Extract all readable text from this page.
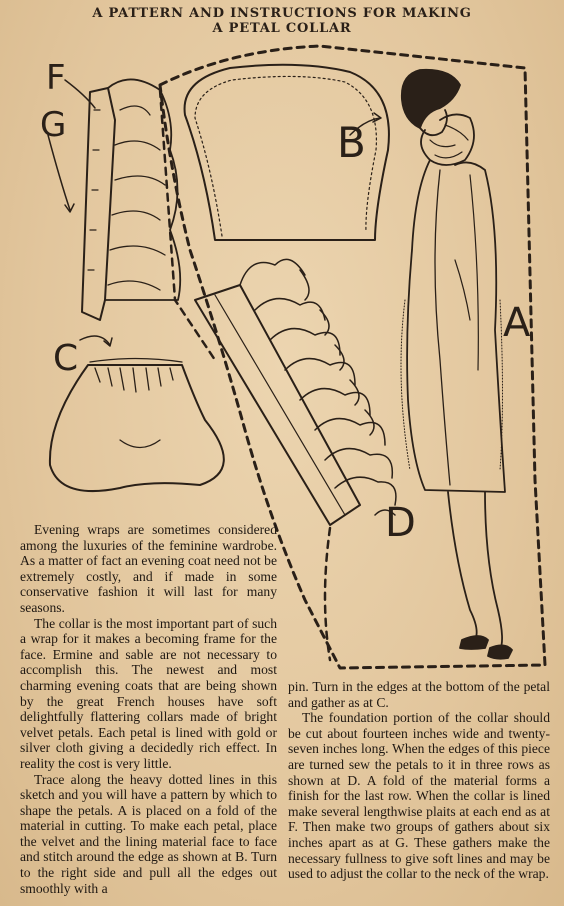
A PATTERN AND INSTRUCTIONS FOR MAKING
A PETAL COLLAR
F
G	B
C
A
D

Evening wraps are sometimes considered among the luxuries of the feminine wardrobe. As a matter of fact an evening coat need not be extremely costly, and if made in some conservative fashion it will last for many seasons.

The collar is the most important part of such a wrap for it makes a becoming frame for the face. Ermine and sable are not necessary to accomplish this. The newest and most charming evening coats that are being shown by the great French houses have soft delightfully flattering collars made of bright velvet petals. Each petal is lined with gold or silver cloth giving a decidedly rich effect. In reality the cost is very little.

Trace along the heavy dotted lines in this sketch and you will have a pattern by which to shape the petals. A is placed on a fold of the material in cutting. To make each petal, place the velvet and the lining material face to face and stitch around the edge as shown at B. Turn to the right side and pull all the edges out smoothly with a

pin. Turn in the edges at the bottom of the petal and gather as at C.

The foundation portion of the collar should be cut about fourteen inches wide and twenty-seven inches long. When the edges of this piece are turned sew the petals to it in three rows as shown at D. A fold of the material forms a finish for the last row. When the collar is lined make several lengthwise plaits at each end as at F. Then make two groups of gathers about six inches apart as at G. These gathers make the necessary fullness to give soft lines and may be used to adjust the collar to the neck of the wrap.
